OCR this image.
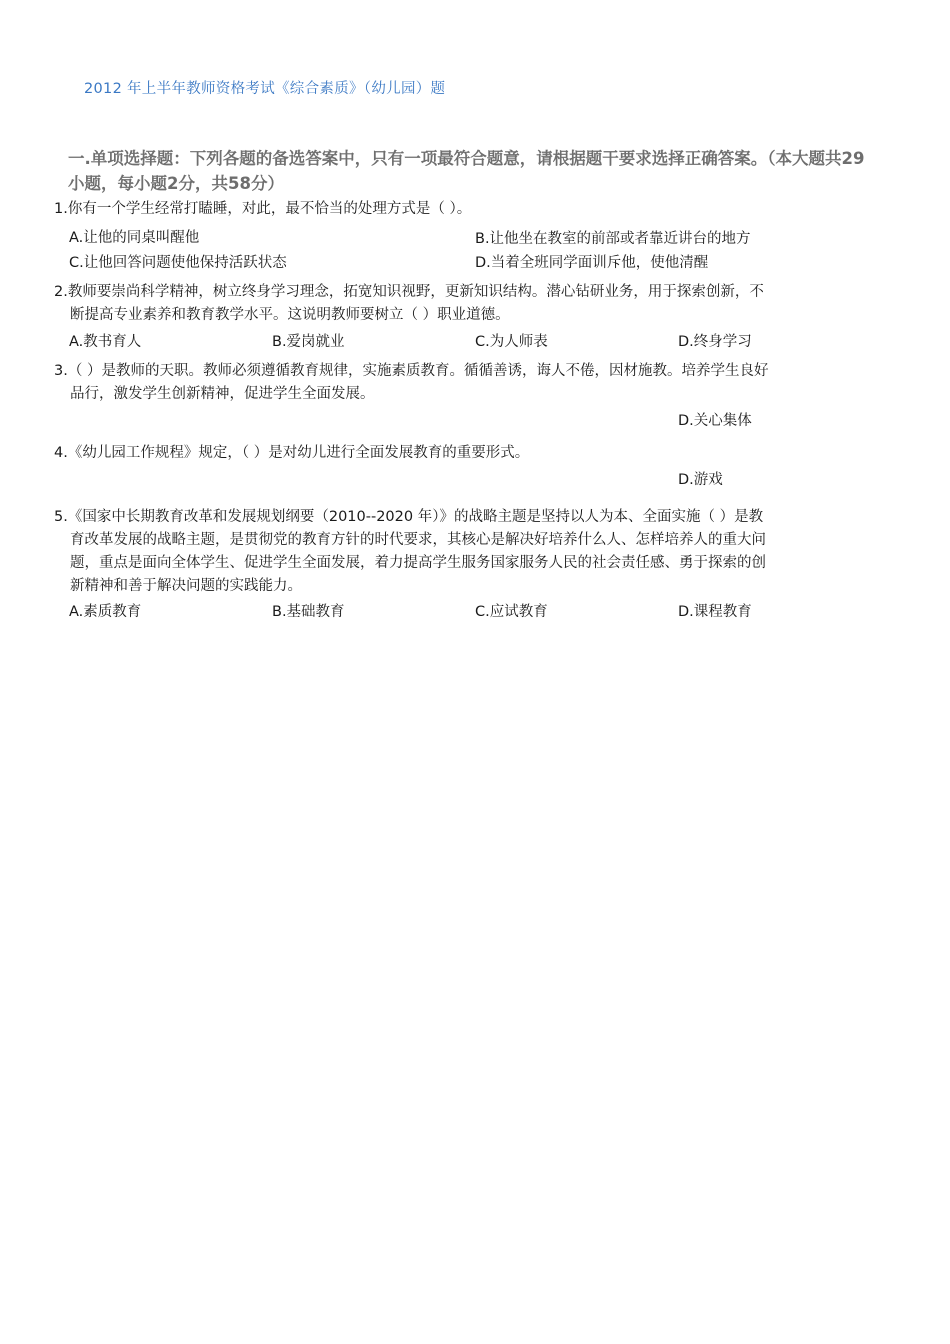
2012 年上半年教师资格考试《综合素质》（幼儿园）题
一.单项选择题：下列各题的备选答案中，只有一项最符合题意，请根据题干要求选择正确答案。（本大题共29小题，每小题2分，共58分）
1.你有一个学生经常打瞌睡，对此，最不恰当的处理方式是（ ）。
A.让他的同桌叫醒他	B.让他坐在教室的前部或者靠近讲台的地方
C.让他回答问题使他保持活跃状态	D.当着全班同学面训斥他，使他清醒
2.教师要崇尚科学精神，树立终身学习理念，拓宽知识视野，更新知识结构。潜心钻研业务，用于探索创新，不
断提高专业素养和教育教学水平。这说明教师要树立（ ）职业道德。
A.教书育人	B.爱岗就业	C.为人师表	D.终身学习
3.（ ）是教师的天职。教师必须遵循教育规律，实施素质教育。循循善诱，诲人不倦，因材施教。培养学生良好
品行，激发学生创新精神，促进学生全面发展。
D.关心集体
4.《幼儿园工作规程》规定，（ ）是对幼儿进行全面发展教育的重要形式。
D.游戏
5.《国家中长期教育改革和发展规划纲要（2010--2020 年）》的战略主题是坚持以人为本、全面实施（ ）是教
育改革发展的战略主题，是贯彻党的教育方针的时代要求，其核心是解决好培养什么人、怎样培养人的重大问
题，重点是面向全体学生、促进学生全面发展，着力提高学生服务国家服务人民的社会责任感、勇于探索的创
新精神和善于解决问题的实践能力。
A.素质教育	B.基础教育	C.应试教育	D.课程教育
